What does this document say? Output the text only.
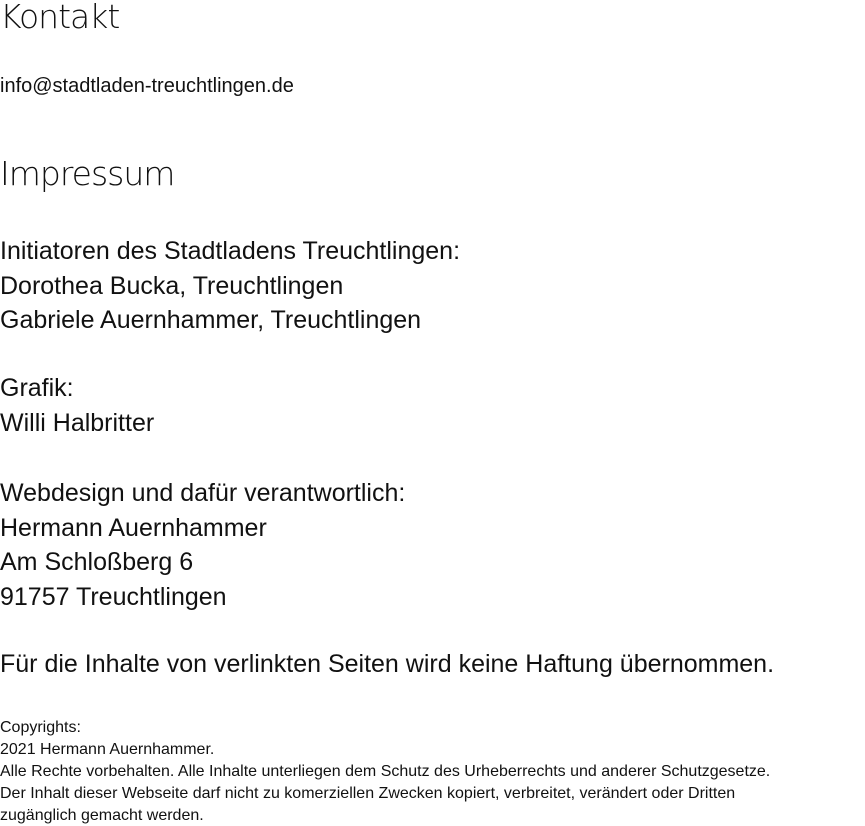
Kontakt
info@stadtladen-treuchtlingen.de
Impressum
Initiatoren des Stadtladens Treuchtlingen:
Dorothea Bucka, Treuchtlingen
Gabriele Auernhammer, Treuchtlingen
Grafik:
Willi Halbritter
Webdesign und dafür verantwortlich:
Hermann Auernhammer
Am Schloßberg 6
91757 Treuchtlingen
Für die Inhalte von verlinkten Seiten wird keine Haftung übernommen.
Copyrights:
2021 Hermann Auernhammer.
Alle Rechte vorbehalten. Alle Inhalte unterliegen dem Schutz des Urheberrechts und anderer Schutzgesetze.
Der Inhalt dieser Webseite darf nicht zu komerziellen Zwecken kopiert, verbreitet, verändert oder Dritten
zugänglich gemacht werden.
